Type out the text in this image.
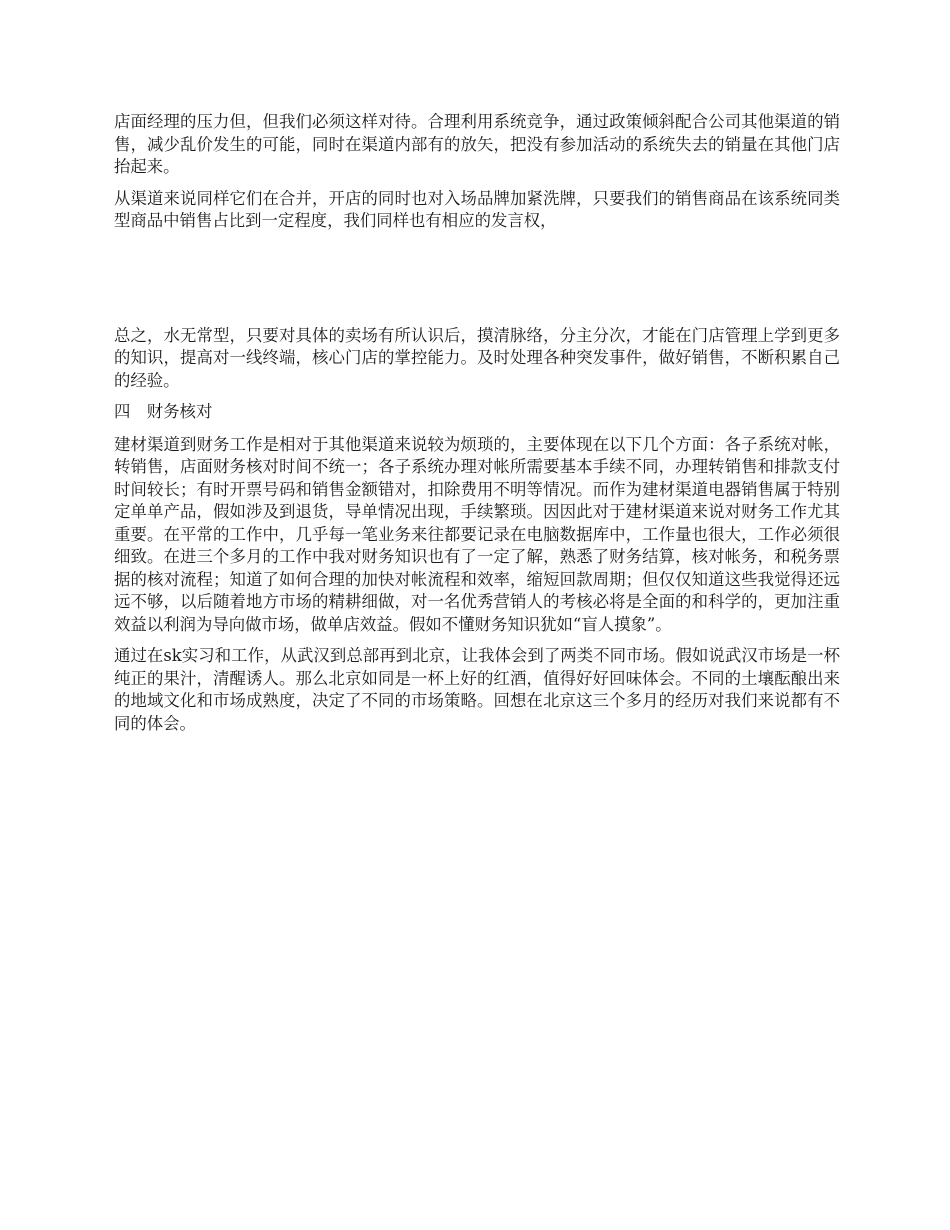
店面经理的压力但，但我们必须这样对待。合理利用系统竞争，通过政策倾斜配合公司其他渠道的销售，减少乱价发生的可能，同时在渠道内部有的放矢，把没有参加活动的系统失去的销量在其他门店抬起来。

从渠道来说同样它们在合并，开店的同时也对入场品牌加紧洗牌，只要我们的销售商品在该系统同类型商品中销售占比到一定程度，我们同样也有相应的发言权，

总之，水无常型，只要对具体的卖场有所认识后，摸清脉络，分主分次，才能在门店管理上学到更多的知识，提高对一线终端，核心门店的掌控能力。及时处理各种突发事件，做好销售，不断积累自己的经验。

四　财务核对

建材渠道到财务工作是相对于其他渠道来说较为烦琐的，主要体现在以下几个方面：各子系统对帐，转销售，店面财务核对时间不统一；各子系统办理对帐所需要基本手续不同，办理转销售和排款支付时间较长；有时开票号码和销售金额错对，扣除费用不明等情况。而作为建材渠道电器销售属于特别定单单产品，假如涉及到退货，导单情况出现，手续繁琐。因因此对于建材渠道来说对财务工作尤其重要。在平常的工作中，几乎每一笔业务来往都要记录在电脑数据库中，工作量也很大，工作必须很细致。在进三个多月的工作中我对财务知识也有了一定了解，熟悉了财务结算，核对帐务，和税务票据的核对流程；知道了如何合理的加快对帐流程和效率，缩短回款周期；但仅仅知道这些我觉得还远远不够，以后随着地方市场的精耕细做，对一名优秀营销人的考核必将是全面的和科学的，更加注重效益以利润为导向做市场，做单店效益。假如不懂财务知识犹如“盲人摸象”。

通过在sk实习和工作，从武汉到总部再到北京，让我体会到了两类不同市场。假如说武汉市场是一杯纯正的果汁，清醒诱人。那么北京如同是一杯上好的红酒，值得好好回味体会。不同的土壤酝酿出来的地域文化和市场成熟度，决定了不同的市场策略。回想在北京这三个多月的经历对我们来说都有不同的体会。
